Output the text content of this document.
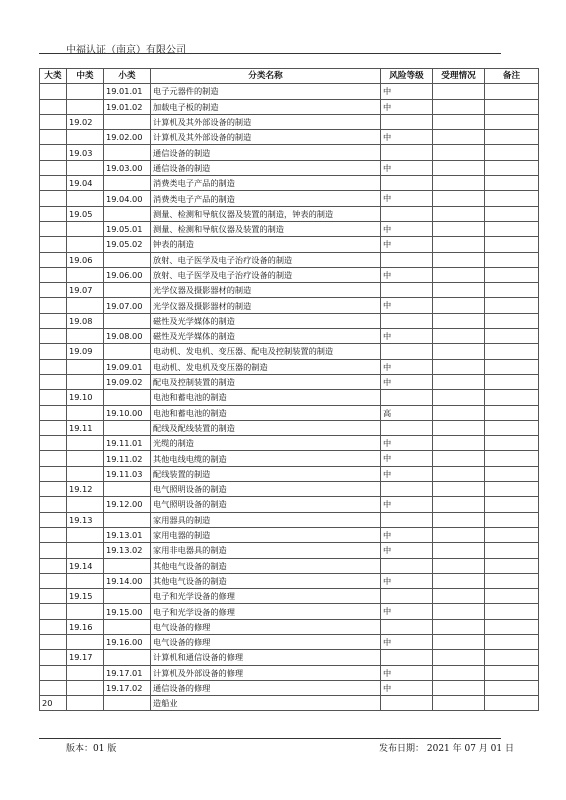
中福认证（南京）有限公司
大类	中类	小类	分类名称	风险等级	受理情况	备注
		19.01.01	电子元器件的制造	中		
		19.01.02	加载电子板的制造	中		
	19.02		计算机及其外部设备的制造			
		19.02.00	计算机及其外部设备的制造	中		
	19.03		通信设备的制造			
		19.03.00	通信设备的制造	中		
	19.04		消费类电子产品的制造			
		19.04.00	消费类电子产品的制造	中		
	19.05		测量、检测和导航仪器及装置的制造，钟表的制造			
		19.05.01	测量、检测和导航仪器及装置的制造	中		
		19.05.02	钟表的制造	中		
	19.06		放射、电子医学及电子治疗设备的制造			
		19.06.00	放射、电子医学及电子治疗设备的制造	中		
	19.07		光学仪器及摄影器材的制造			
		19.07.00	光学仪器及摄影器材的制造	中		
	19.08		磁性及光学媒体的制造			
		19.08.00	磁性及光学媒体的制造	中		
	19.09		电动机、发电机、变压器、配电及控制装置的制造			
		19.09.01	电动机、发电机及变压器的制造	中		
		19.09.02	配电及控制装置的制造	中		
	19.10		电池和蓄电池的制造			
		19.10.00	电池和蓄电池的制造	高		
	19.11		配线及配线装置的制造			
		19.11.01	光缆的制造	中		
		19.11.02	其他电线电缆的制造	中		
		19.11.03	配线装置的制造	中		
	19.12		电气照明设备的制造			
		19.12.00	电气照明设备的制造	中		
	19.13		家用器具的制造			
		19.13.01	家用电器的制造	中		
		19.13.02	家用非电器具的制造	中		
	19.14		其他电气设备的制造			
		19.14.00	其他电气设备的制造	中		
	19.15		电子和光学设备的修理			
		19.15.00	电子和光学设备的修理	中		
	19.16		电气设备的修理			
		19.16.00	电气设备的修理	中		
	19.17		计算机和通信设备的修理			
		19.17.01	计算机及外部设备的修理	中		
		19.17.02	通信设备的修理	中		
20			造船业			
版本：01 版	发布日期： 2021 年 07 月 01 日
